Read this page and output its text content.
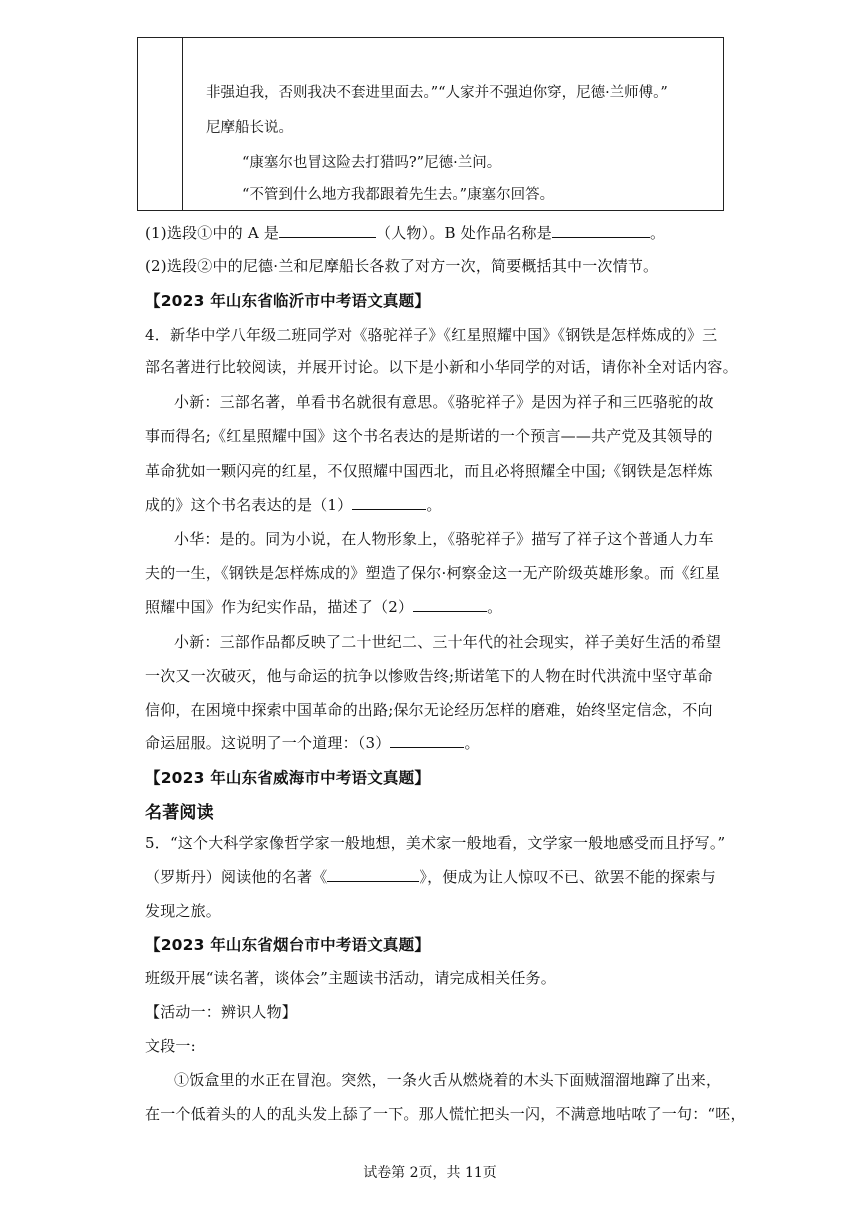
非强迫我，否则我决不套进里面去。”“人家并不强迫你穿，尼德·兰师傅。”
尼摩船长说。
“康塞尔也冒这险去打猎吗?”尼德·兰问。
“不管到什么地方我都跟着先生去。”康塞尔回答。
(1)选段①中的 A 是	（人物）。B 处作品名称是	。
(2)选段②中的尼德·兰和尼摩船长各救了对方一次，简要概括其中一次情节。
【2023 年山东省临沂市中考语文真题】
4．新华中学八年级二班同学对《骆驼祥子》《红星照耀中国》《钢铁是怎样炼成的》三
部名著进行比较阅读，并展开讨论。以下是小新和小华同学的对话，请你补全对话内容。
小新：三部名著，单看书名就很有意思。《骆驼祥子》是因为祥子和三匹骆驼的故
事而得名;《红星照耀中国》这个书名表达的是斯诺的一个预言——共产党及其领导的
革命犹如一颗闪亮的红星，不仅照耀中国西北，而且必将照耀全中国;《钢铁是怎样炼
成的》这个书名表达的是（1）	。
小华：是的。同为小说，在人物形象上，《骆驼祥子》描写了祥子这个普通人力车
夫的一生，《钢铁是怎样炼成的》塑造了保尔·柯察金这一无产阶级英雄形象。而《红星
照耀中国》作为纪实作品，描述了（2）	。
小新：三部作品都反映了二十世纪二、三十年代的社会现实，祥子美好生活的希望
一次又一次破灭，他与命运的抗争以惨败告终;斯诺笔下的人物在时代洪流中坚守革命
信仰，在困境中探索中国革命的出路;保尔无论经历怎样的磨难，始终坚定信念，不向
命运屈服。这说明了一个道理：（3）	。
【2023 年山东省威海市中考语文真题】
名著阅读
5．“这个大科学家像哲学家一般地想，美术家一般地看，文学家一般地感受而且抒写。”
（罗斯丹）阅读他的名著《	》，便成为让人惊叹不已、欲罢不能的探索与
发现之旅。
【2023 年山东省烟台市中考语文真题】
班级开展“读名著，谈体会”主题读书活动，请完成相关任务。
【活动一：辨识人物】
文段一:
①饭盒里的水正在冒泡。突然，一条火舌从燃烧着的木头下面贼溜溜地蹿了出来，
在一个低着头的人的乱头发上舔了一下。那人慌忙把头一闪，不满意地咕哝了一句：“呸，
试卷第 2页，共 11页
